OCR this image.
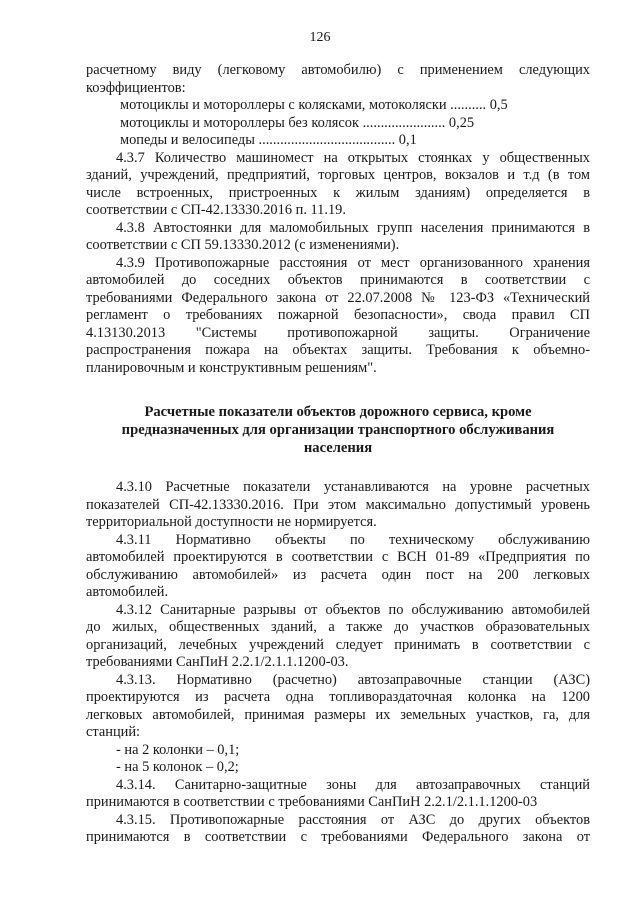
126

расчетному виду (легковому автомобилю) с применением следующих

коэффициентов:

мотоциклы и мотороллеры с колясками, мотоколяски .......... 0,5

мотоциклы и мотороллеры без колясок ....................... 0,25

мопеды и велосипеды ...................................... 0,1

4.3.7 Количество машиномест на открытых стоянках у общественных

зданий, учреждений, предприятий, торговых центров, вокзалов и т.д (в том

числе встроенных, пристроенных к жилым зданиям) определяется в

соответствии с СП-42.13330.2016 п. 11.19.

4.3.8 Автостоянки для маломобильных групп населения принимаются в

соответствии с СП 59.13330.2012 (с изменениями).

4.3.9 Противопожарные расстояния от мест организованного хранения

автомобилей до соседних объектов принимаются в соответствии с

требованиями Федерального закона от 22.07.2008 № 123-ФЗ «Технический

регламент о требованиях пожарной безопасности», свода правил СП

4.13130.2013 "Системы противопожарной защиты. Ограничение

распространения пожара на объектах защиты. Требования к объемно-

планировочным и конструктивным решениям".

Расчетные показатели объектов дорожного сервиса, кроме
предназначенных для организации транспортного обслуживания
населения

4.3.10 Расчетные показатели устанавливаются на уровне расчетных

показателей СП-42.13330.2016. При этом максимально допустимый уровень

территориальной доступности не нормируется.

4.3.11 Нормативно объекты по техническому обслуживанию

автомобилей проектируются в соответствии с ВСН 01-89 «Предприятия по

обслуживанию автомобилей» из расчета один пост на 200 легковых

автомобилей.

4.3.12 Санитарные разрывы от объектов по обслуживанию автомобилей

до жилых, общественных зданий, а также до участков образовательных

организаций, лечебных учреждений следует принимать в соответствии с

требованиями СанПиН 2.2.1/2.1.1.1200-03.

4.3.13. Нормативно (расчетно) автозаправочные станции (АЗС)

проектируются из расчета одна топливораздаточная колонка на 1200

легковых автомобилей, принимая размеры их земельных участков, га, для

станций:

- на 2 колонки – 0,1;

- на 5 колонок – 0,2;

4.3.14. Санитарно-защитные зоны для автозаправочных станций

принимаются в соответствии с требованиями СанПиН 2.2.1/2.1.1.1200-03

4.3.15. Противопожарные расстояния от АЗС до других объектов

принимаются в соответствии с требованиями Федерального закона от
